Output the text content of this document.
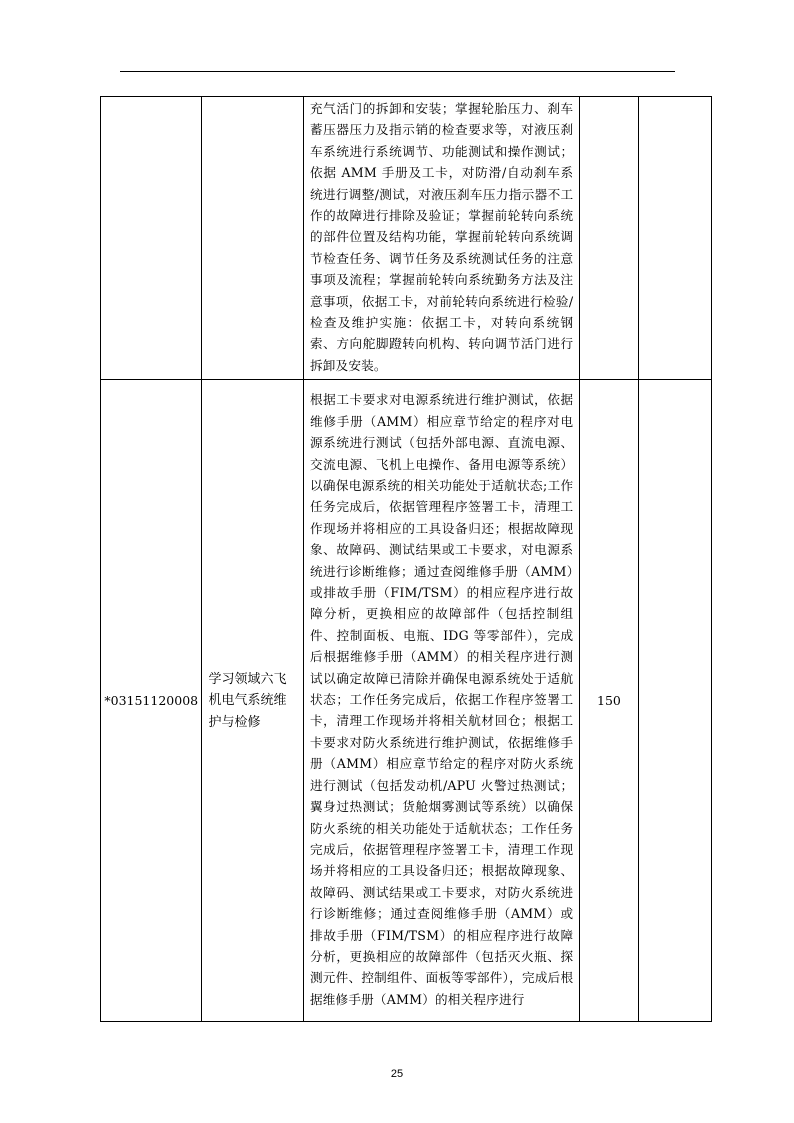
		充气活门的拆卸和安装；掌握轮胎压力、刹车蓄压器压力及指示销的检查要求等，对液压刹车系统进行系统调节、功能测试和操作测试；依据 AMM 手册及工卡，对防滑/自动刹车系统进行调整/测试，对液压刹车压力指示器不工作的故障进行排除及验证；掌握前轮转向系统的部件位置及结构功能，掌握前轮转向系统调节检查任务、调节任务及系统测试任务的注意事项及流程；掌握前轮转向系统勤务方法及注意事项，依据工卡，对前轮转向系统进行检验/检查及维护实施：依据工卡，对转向系统钢索、方向舵脚蹬转向机构、转向调节活门进行拆卸及安装。		
*03151120008	学习领域六飞机电气系统维护与检修	根据工卡要求对电源系统进行维护测试，依据维修手册（AMM）相应章节给定的程序对电源系统进行测试（包括外部电源、直流电源、交流电源、飞机上电操作、备用电源等系统）以确保电源系统的相关功能处于适航状态;工作任务完成后，依据管理程序签署工卡，清理工作现场并将相应的工具设备归还；根据故障现象、故障码、测试结果或工卡要求，对电源系统进行诊断维修；通过查阅维修手册（AMM）或排故手册（FIM/TSM）的相应程序进行故障分析，更换相应的故障部件（包括控制组件、控制面板、电瓶、IDG 等零部件），完成后根据维修手册（AMM）的相关程序进行测试以确定故障已清除并确保电源系统处于适航状态；工作任务完成后，依据工作程序签署工卡，清理工作现场并将相关航材回仓；根据工卡要求对防火系统进行维护测试，依据维修手册（AMM）相应章节给定的程序对防火系统进行测试（包括发动机/APU 火警过热测试；翼身过热测试；货舱烟雾测试等系统）以确保防火系统的相关功能处于适航状态；工作任务完成后，依据管理程序签署工卡，清理工作现场并将相应的工具设备归还；根据故障现象、故障码、测试结果或工卡要求，对防火系统进行诊断维修；通过查阅维修手册（AMM）或排故手册（FIM/TSM）的相应程序进行故障分析，更换相应的故障部件（包括灭火瓶、探测元件、控制组件、面板等零部件），完成后根据维修手册（AMM）的相关程序进行	150	
25
